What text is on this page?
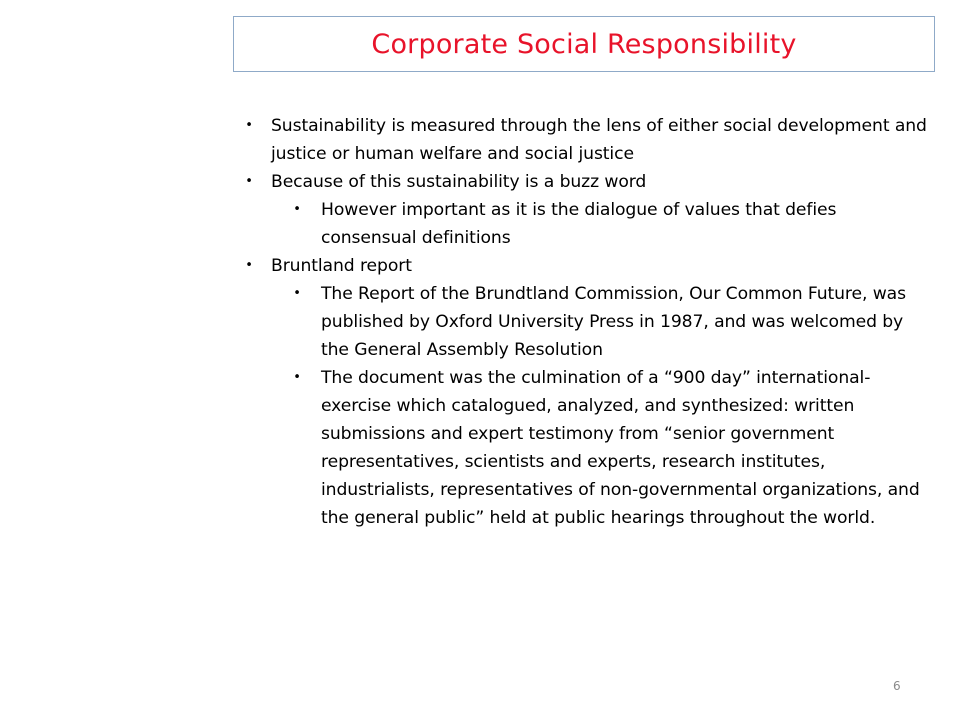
Corporate Social Responsibility
• Sustainability is measured through the lens of either social development and justice or human welfare and social justice
• Because of this sustainability is a buzz word
• However important as it is the dialogue of values that defies consensual definitions
• Bruntland report
• The Report of the Brundtland Commission, Our Common Future, was published by Oxford University Press in 1987, and was welcomed by the General Assembly Resolution
• The document was the culmination of a “900 day” international-exercise which catalogued, analyzed, and synthesized: written submissions and expert testimony from “senior government representatives, scientists and experts, research institutes, industrialists, representatives of non-governmental organizations, and the general public” held at public hearings throughout the world.
6
